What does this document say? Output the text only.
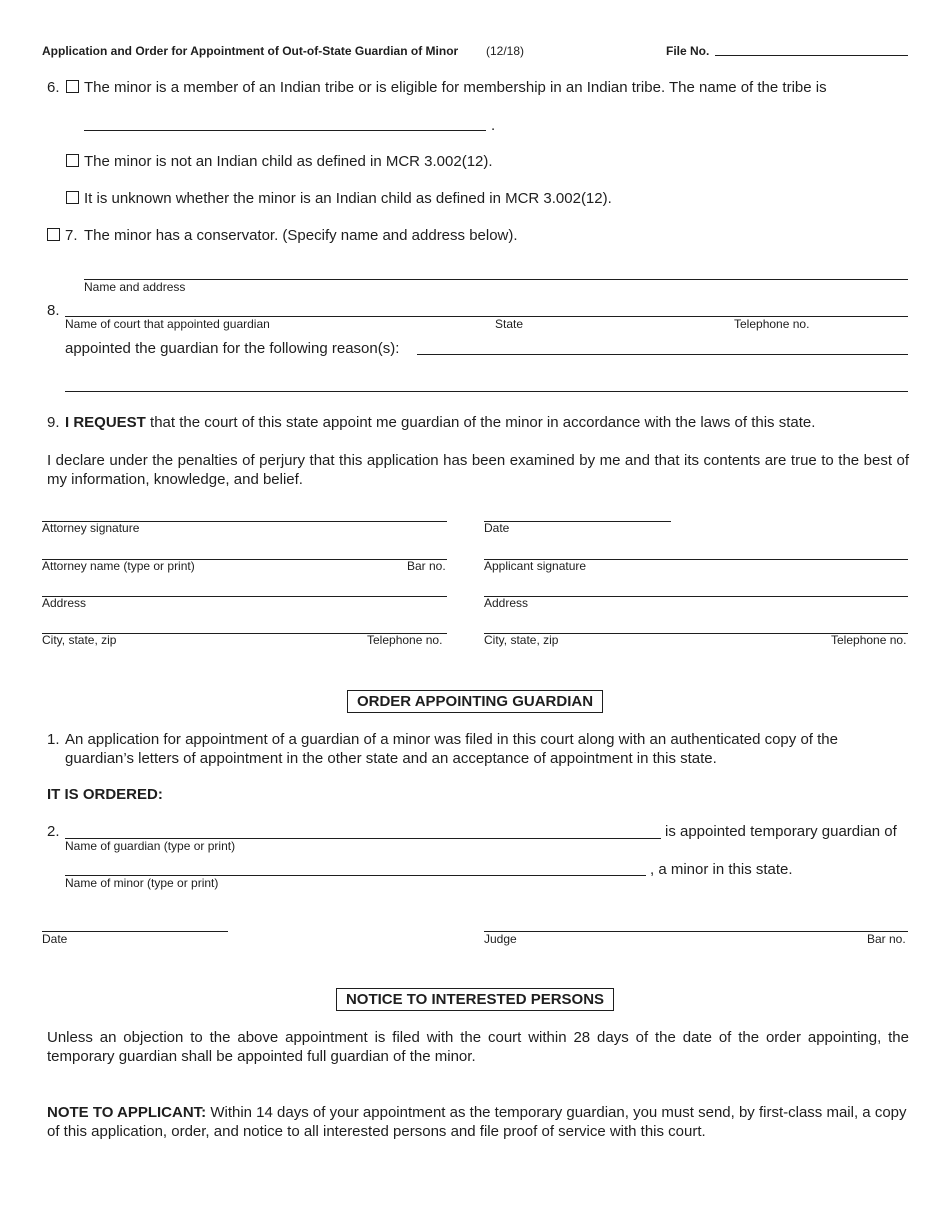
Application and Order for Appointment of Out-of-State Guardian of Minor (12/18)	File No.
6. The minor is a member of an Indian tribe or is eligible for membership in an Indian tribe. The name of the tribe is
.
The minor is not an Indian child as defined in MCR 3.002(12).
It is unknown whether the minor is an Indian child as defined in MCR 3.002(12).
7. The minor has a conservator. (Specify name and address below).
Name and address
8.
Name of court that appointed guardian	State	Telephone no.
appointed the guardian for the following reason(s):
9. I REQUEST that the court of this state appoint me guardian of the minor in accordance with the laws of this state.
I declare under the penalties of perjury that this application has been examined by me and that its contents are true to the best of my information, knowledge, and belief.
Attorney signature	Date
Attorney name (type or print)	Bar no.	Applicant signature
Address	Address
City, state, zip	Telephone no.	City, state, zip	Telephone no.
ORDER APPOINTING GUARDIAN
1. An application for appointment of a guardian of a minor was filed in this court along with an authenticated copy of the guardian’s letters of appointment in the other state and an acceptance of appointment in this state.
IT IS ORDERED:
2.	is appointed temporary guardian of
Name of guardian (type or print)
, a minor in this state.
Name of minor (type or print)
Date	Judge	Bar no.
NOTICE TO INTERESTED PERSONS
Unless an objection to the above appointment is filed with the court within 28 days of the date of the order appointing, the temporary guardian shall be appointed full guardian of the minor.
NOTE TO APPLICANT: Within 14 days of your appointment as the temporary guardian, you must send, by first-class mail, a copy of this application, order, and notice to all interested persons and file proof of service with this court.
